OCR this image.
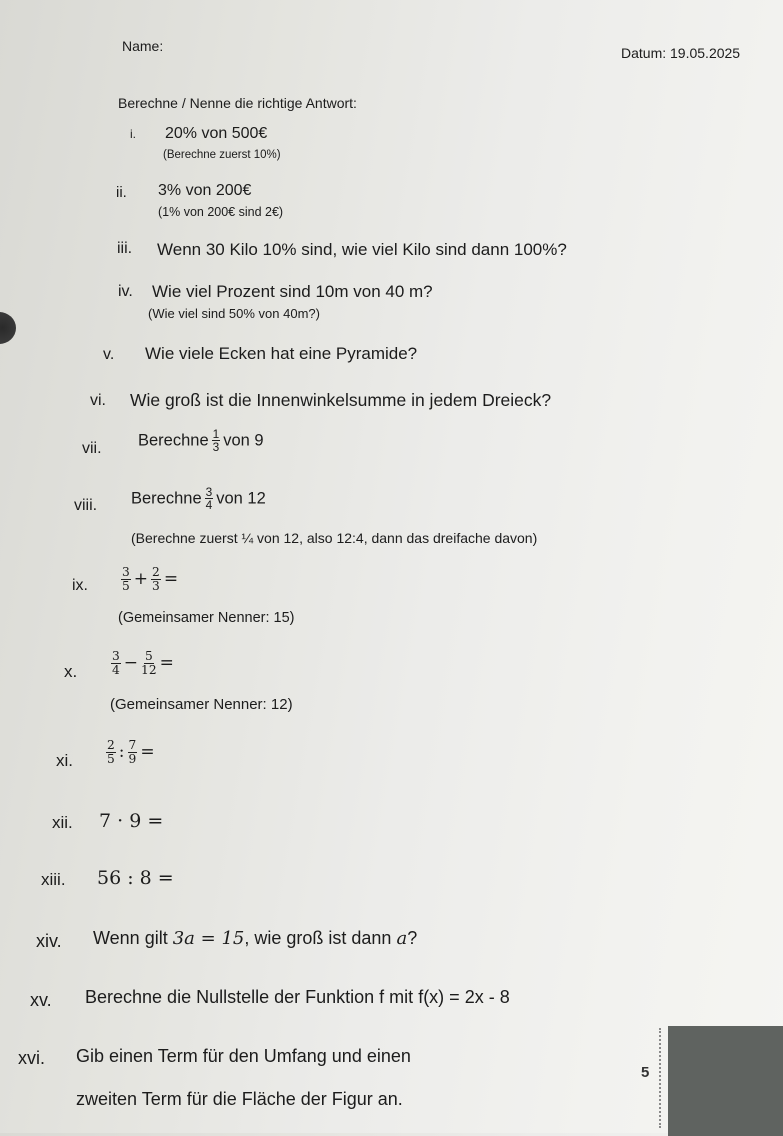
Name:	Datum: 19.05.2025
Berechne / Nenne die richtige Antwort:
i. 20% von 500€
(Berechne zuerst 10%)
ii. 3% von 200€
(1% von 200€ sind 2€)
iii. Wenn 30 Kilo 10% sind, wie viel Kilo sind dann 100%?
iv. Wie viel Prozent sind 10m von 40 m?
(Wie viel sind 50% von 40m?)
v. Wie viele Ecken hat eine Pyramide?
vi. Wie groß ist die Innenwinkelsumme in jedem Dreieck?
vii. Berechne $\frac{1}{3}$ von 9
viii. Berechne $\frac{3}{4}$ von 12
(Berechne zuerst ¼ von 12, also 12:4, dann das dreifache davon)
ix.	$\frac{3}{5} + \frac{2}{3}$ =
(Gemeinsamer Nenner: 15)
x.	$\frac{3}{4} - \frac{5}{12}$ =
(Gemeinsamer Nenner: 12)
xi.	$\frac{2}{5}$ : $\frac{7}{9}$ =
xii. 7 · 9 =
xiii. 56 : 8 =
xiv. Wenn gilt 3a = 15, wie groß ist dann a?
xv. Berechne die Nullstelle der Funktion f mit f(x) = 2x - 8
xvi. Gib einen Term für den Umfang und einen
zweiten Term für die Fläche der Figur an.
5
